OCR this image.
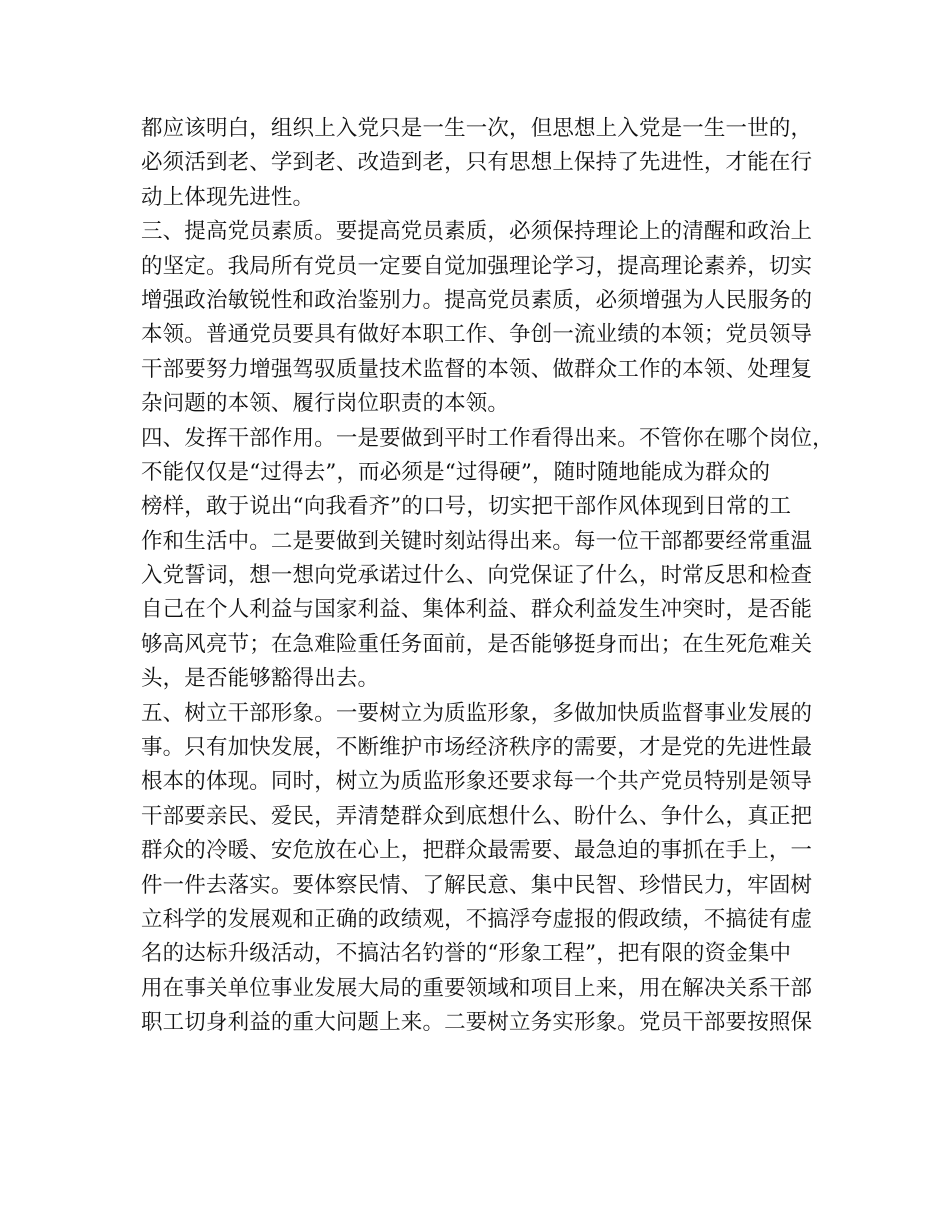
都应该明白，组织上入党只是一生一次，但思想上入党是一生一世的，
必须活到老、学到老、改造到老，只有思想上保持了先进性，才能在行
动上体现先进性。
三、提高党员素质。要提高党员素质，必须保持理论上的清醒和政治上
的坚定。我局所有党员一定要自觉加强理论学习，提高理论素养，切实
增强政治敏锐性和政治鉴别力。提高党员素质，必须增强为人民服务的
本领。普通党员要具有做好本职工作、争创一流业绩的本领；党员领导
干部要努力增强驾驭质量技术监督的本领、做群众工作的本领、处理复
杂问题的本领、履行岗位职责的本领。
四、发挥干部作用。一是要做到平时工作看得出来。不管你在哪个岗位，
不能仅仅是“过得去”，而必须是“过得硬”，随时随地能成为群众的
榜样，敢于说出“向我看齐”的口号，切实把干部作风体现到日常的工
作和生活中。二是要做到关键时刻站得出来。每一位干部都要经常重温
入党誓词，想一想向党承诺过什么、向党保证了什么，时常反思和检查
自己在个人利益与国家利益、集体利益、群众利益发生冲突时，是否能
够高风亮节；在急难险重任务面前，是否能够挺身而出；在生死危难关
头，是否能够豁得出去。
五、树立干部形象。一要树立为质监形象，多做加快质监督事业发展的
事。只有加快发展，不断维护市场经济秩序的需要，才是党的先进性最
根本的体现。同时，树立为质监形象还要求每一个共产党员特别是领导
干部要亲民、爱民，弄清楚群众到底想什么、盼什么、争什么，真正把
群众的冷暖、安危放在心上，把群众最需要、最急迫的事抓在手上，一
件一件去落实。要体察民情、了解民意、集中民智、珍惜民力，牢固树
立科学的发展观和正确的政绩观，不搞浮夸虚报的假政绩，不搞徒有虚
名的达标升级活动，不搞沽名钓誉的“形象工程”，把有限的资金集中
用在事关单位事业发展大局的重要领域和项目上来，用在解决关系干部
职工切身利益的重大问题上来。二要树立务实形象。党员干部要按照保
